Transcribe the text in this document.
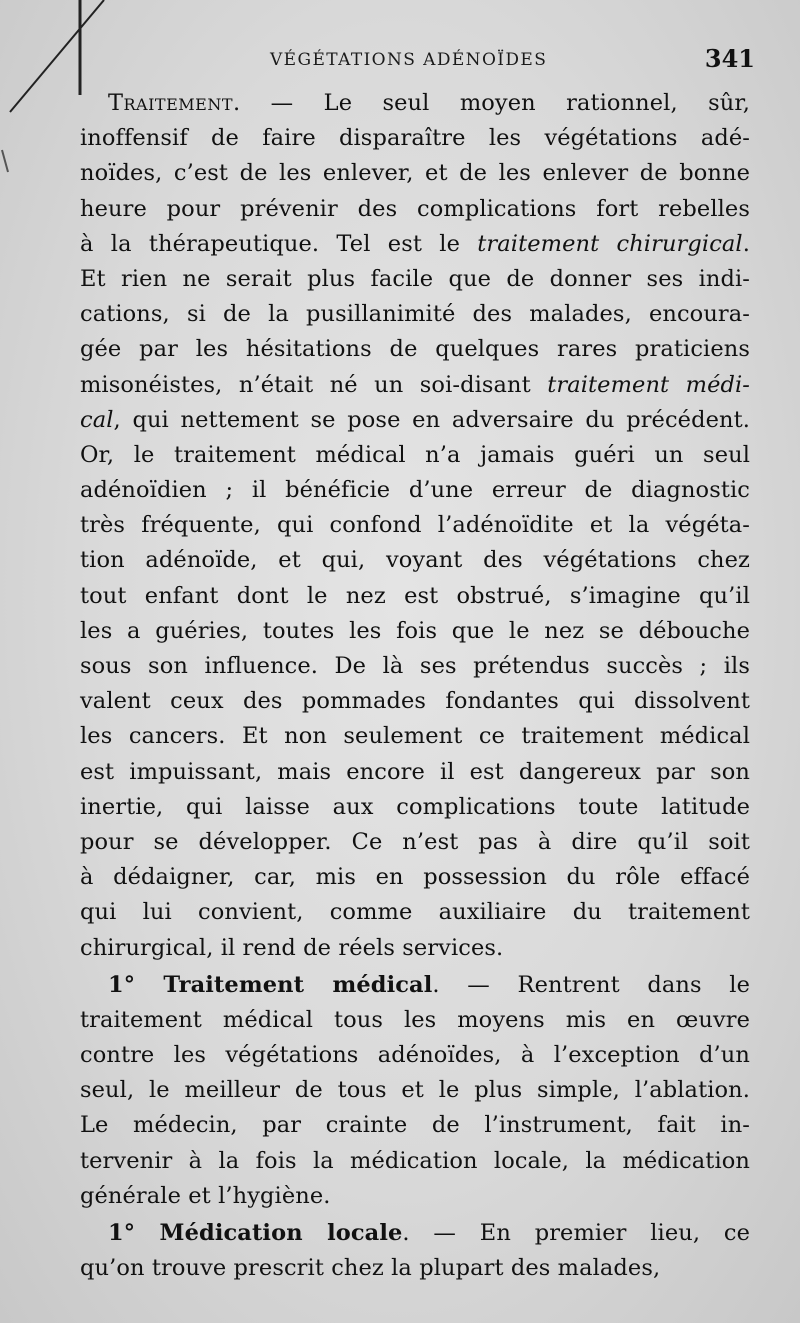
VÉGÉTATIONS ADÉNOÏDES	341
Traitement. — Le seul moyen rationnel, sûr,
inoffensif de faire disparaître les végétations adé-
noïdes, c’est de les enlever, et de les enlever de bonne
heure pour prévenir des complications fort rebelles
à la thérapeutique. Tel est le traitement chirurgical.
Et rien ne serait plus facile que de donner ses indi-
cations, si de la pusillanimité des malades, encoura-
gée par les hésitations de quelques rares praticiens
misonéistes, n’était né un soi-disant traitement médi-
cal, qui nettement se pose en adversaire du précédent.
Or, le traitement médical n’a jamais guéri un seul
adénoïdien ; il bénéficie d’une erreur de diagnostic
très fréquente, qui confond l’adénoïdite et la végéta-
tion adénoïde, et qui, voyant des végétations chez
tout enfant dont le nez est obstrué, s’imagine qu’il
les a guéries, toutes les fois que le nez se débouche
sous son influence. De là ses prétendus succès ; ils
valent ceux des pommades fondantes qui dissolvent
les cancers. Et non seulement ce traitement médical
est impuissant, mais encore il est dangereux par son
inertie, qui laisse aux complications toute latitude
pour se développer. Ce n’est pas à dire qu’il soit
à dédaigner, car, mis en possession du rôle effacé
qui lui convient, comme auxiliaire du traitement
chirurgical, il rend de réels services.
1° Traitement médical. — Rentrent dans le
traitement médical tous les moyens mis en œuvre
contre les végétations adénoïdes, à l’exception d’un
seul, le meilleur de tous et le plus simple, l’ablation.
Le médecin, par crainte de l’instrument, fait in-
tervenir à la fois la médication locale, la médication
générale et l’hygiène.
1° Médication locale. — En premier lieu, ce
qu’on trouve prescrit chez la plupart des malades,
